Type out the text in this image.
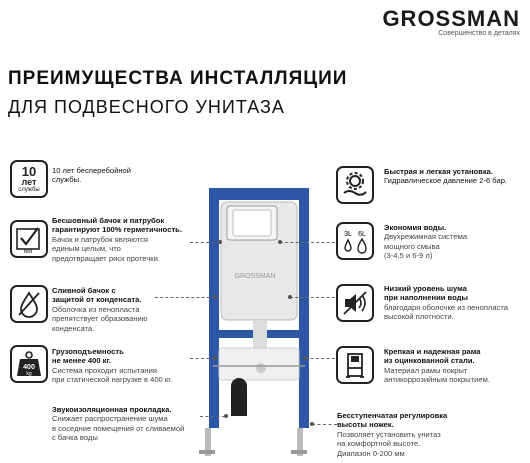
GROSSMAN
Совершенство в деталях
ПРЕИМУЩЕСТВА ИНСТАЛЛЯЦИИ
ДЛЯ ПОДВЕСНОГО УНИТАЗА
10
лет
службы
10 лет бесперебойной
службы.
test
Бесшовный бачок и патрубок
гарантируют 100% герметичность.
Бачок и патрубок являются
единым целым, что
предотвращает риск протечки.
Сливной бачок с
защитой от конденсата.
Оболочка из пенопласта
препятствует образованию
конденсата.
400
kg
Грузоподъемность
не менее 400 кг.
Система проходит испытания
при статической нагрузке в 400 кг.
Звукоизоляционная прокладка.
Снижает распространение шума
в соседние помещения от сливаемой
с бачка воды
GROSSMAN
Быстрая и легкая установка.
Гидравлическое давление 2-6 бар.
3L 6L
Экономия воды.
Двухрежимная система
мощного смыва
(3-4,5 и 6-9 л)
Низкий уровень шума
при наполнении воды
благодаря оболочке из пенопласта
высокой плотности.
Крепкая и надежная рама
из оцинкованной стали.
Материал рамы покрыт
антикоррозийным покрытием.
Бесступенчатая регулировка
высоты ножек.
Позволяет установить унитаз
на комфортной высоте.
Диапазон 0-200 мм
